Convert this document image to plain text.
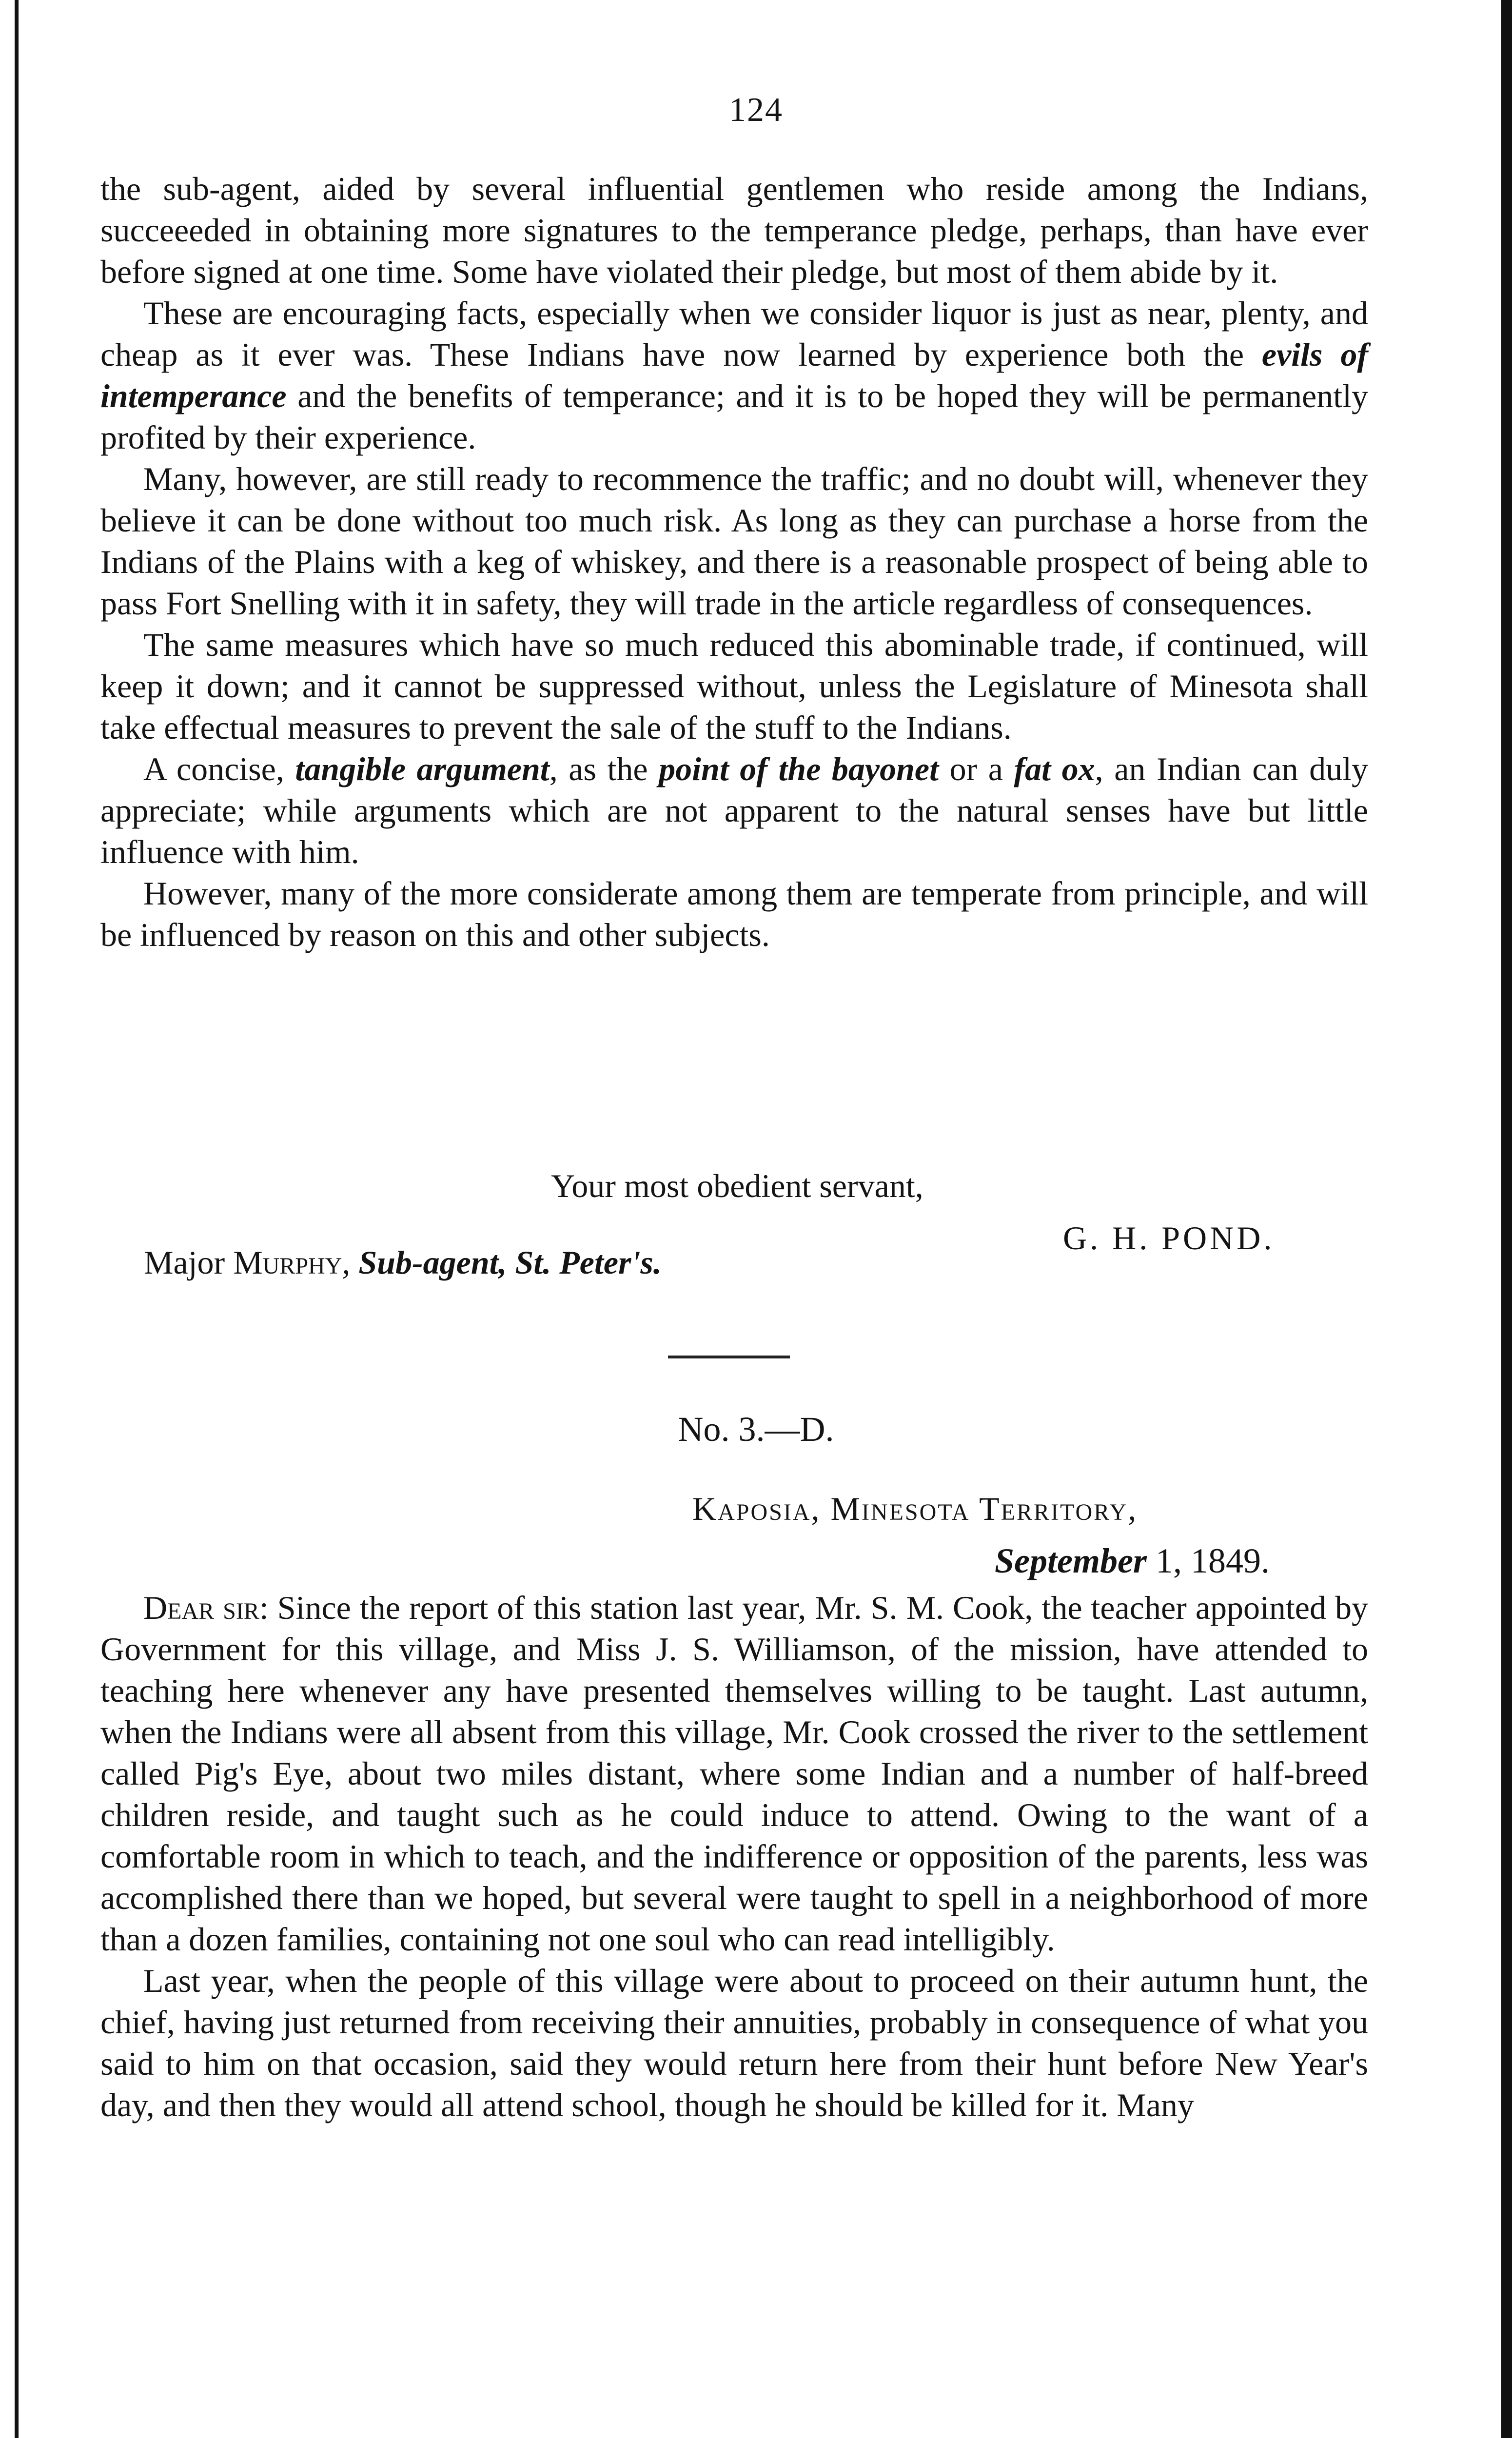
124

the sub-agent, aided by several influential gentlemen who reside among the Indians, succeeeded in obtaining more signatures to the temperance pledge, perhaps, than have ever before signed at one time. Some have violated their pledge, but most of them abide by it.

These are encouraging facts, especially when we consider liquor is just as near, plenty, and cheap as it ever was. These Indians have now learned by experience both the evils of intemperance and the benefits of temperance; and it is to be hoped they will be permanently profited by their experience.

Many, however, are still ready to recommence the traffic; and no doubt will, whenever they believe it can be done without too much risk. As long as they can purchase a horse from the Indians of the Plains with a keg of whiskey, and there is a reasonable prospect of being able to pass Fort Snelling with it in safety, they will trade in the article regardless of consequences.

The same measures which have so much reduced this abominable trade, if continued, will keep it down; and it cannot be suppressed without, unless the Legislature of Minesota shall take effectual measures to prevent the sale of the stuff to the Indians.

A concise, tangible argument, as the point of the bayonet or a fat ox, an Indian can duly appreciate; while arguments which are not apparent to the natural senses have but little influence with him.

However, many of the more considerate among them are temperate from principle, and will be influenced by reason on this and other subjects.

Your most obedient servant,
G. H. POND.
Major Murphy, Sub-agent, St. Peter's.
No. 3.—D.
Kaposia, Minesota Territory,
September 1, 1849.

Dear sir: Since the report of this station last year, Mr. S. M. Cook, the teacher appointed by Government for this village, and Miss J. S. Williamson, of the mission, have attended to teaching here whenever any have presented themselves willing to be taught. Last autumn, when the Indians were all absent from this village, Mr. Cook crossed the river to the settlement called Pig's Eye, about two miles distant, where some Indian and a number of half-breed children reside, and taught such as he could induce to attend. Owing to the want of a comfortable room in which to teach, and the indifference or opposition of the parents, less was accomplished there than we hoped, but several were taught to spell in a neighborhood of more than a dozen families, containing not one soul who can read intelligibly.

Last year, when the people of this village were about to proceed on their autumn hunt, the chief, having just returned from receiving their annuities, probably in consequence of what you said to him on that occasion, said they would return here from their hunt before New Year's day, and then they would all attend school, though he should be killed for it. Many
